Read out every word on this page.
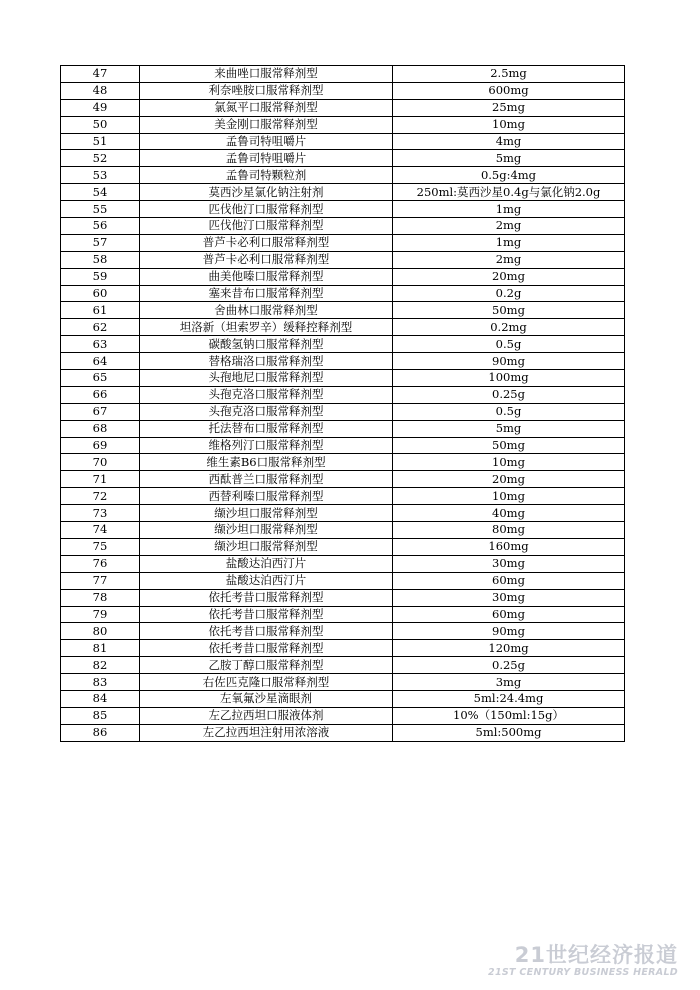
47	来曲唑口服常释剂型	2.5mg
48	利奈唑胺口服常释剂型	600mg
49	氯氮平口服常释剂型	25mg
50	美金刚口服常释剂型	10mg
51	孟鲁司特咀嚼片	4mg
52	孟鲁司特咀嚼片	5mg
53	孟鲁司特颗粒剂	0.5g:4mg
54	莫西沙星氯化钠注射剂	250ml:莫西沙星0.4g与氯化钠2.0g
55	匹伐他汀口服常释剂型	1mg
56	匹伐他汀口服常释剂型	2mg
57	普芦卡必利口服常释剂型	1mg
58	普芦卡必利口服常释剂型	2mg
59	曲美他嗪口服常释剂型	20mg
60	塞来昔布口服常释剂型	0.2g
61	舍曲林口服常释剂型	50mg
62	坦洛新（坦索罗辛）缓释控释剂型	0.2mg
63	碳酸氢钠口服常释剂型	0.5g
64	替格瑞洛口服常释剂型	90mg
65	头孢地尼口服常释剂型	100mg
66	头孢克洛口服常释剂型	0.25g
67	头孢克洛口服常释剂型	0.5g
68	托法替布口服常释剂型	5mg
69	维格列汀口服常释剂型	50mg
70	维生素B6口服常释剂型	10mg
71	西酞普兰口服常释剂型	20mg
72	西替利嗪口服常释剂型	10mg
73	缬沙坦口服常释剂型	40mg
74	缬沙坦口服常释剂型	80mg
75	缬沙坦口服常释剂型	160mg
76	盐酸达泊西汀片	30mg
77	盐酸达泊西汀片	60mg
78	依托考昔口服常释剂型	30mg
79	依托考昔口服常释剂型	60mg
80	依托考昔口服常释剂型	90mg
81	依托考昔口服常释剂型	120mg
82	乙胺丁醇口服常释剂型	0.25g
83	右佐匹克隆口服常释剂型	3mg
84	左氧氟沙星滴眼剂	5ml:24.4mg
85	左乙拉西坦口服液体剂	10%（150ml:15g）
86	左乙拉西坦注射用浓溶液	5ml:500mg
21世纪经济报道
21ST CENTURY BUSINESS HERALD
